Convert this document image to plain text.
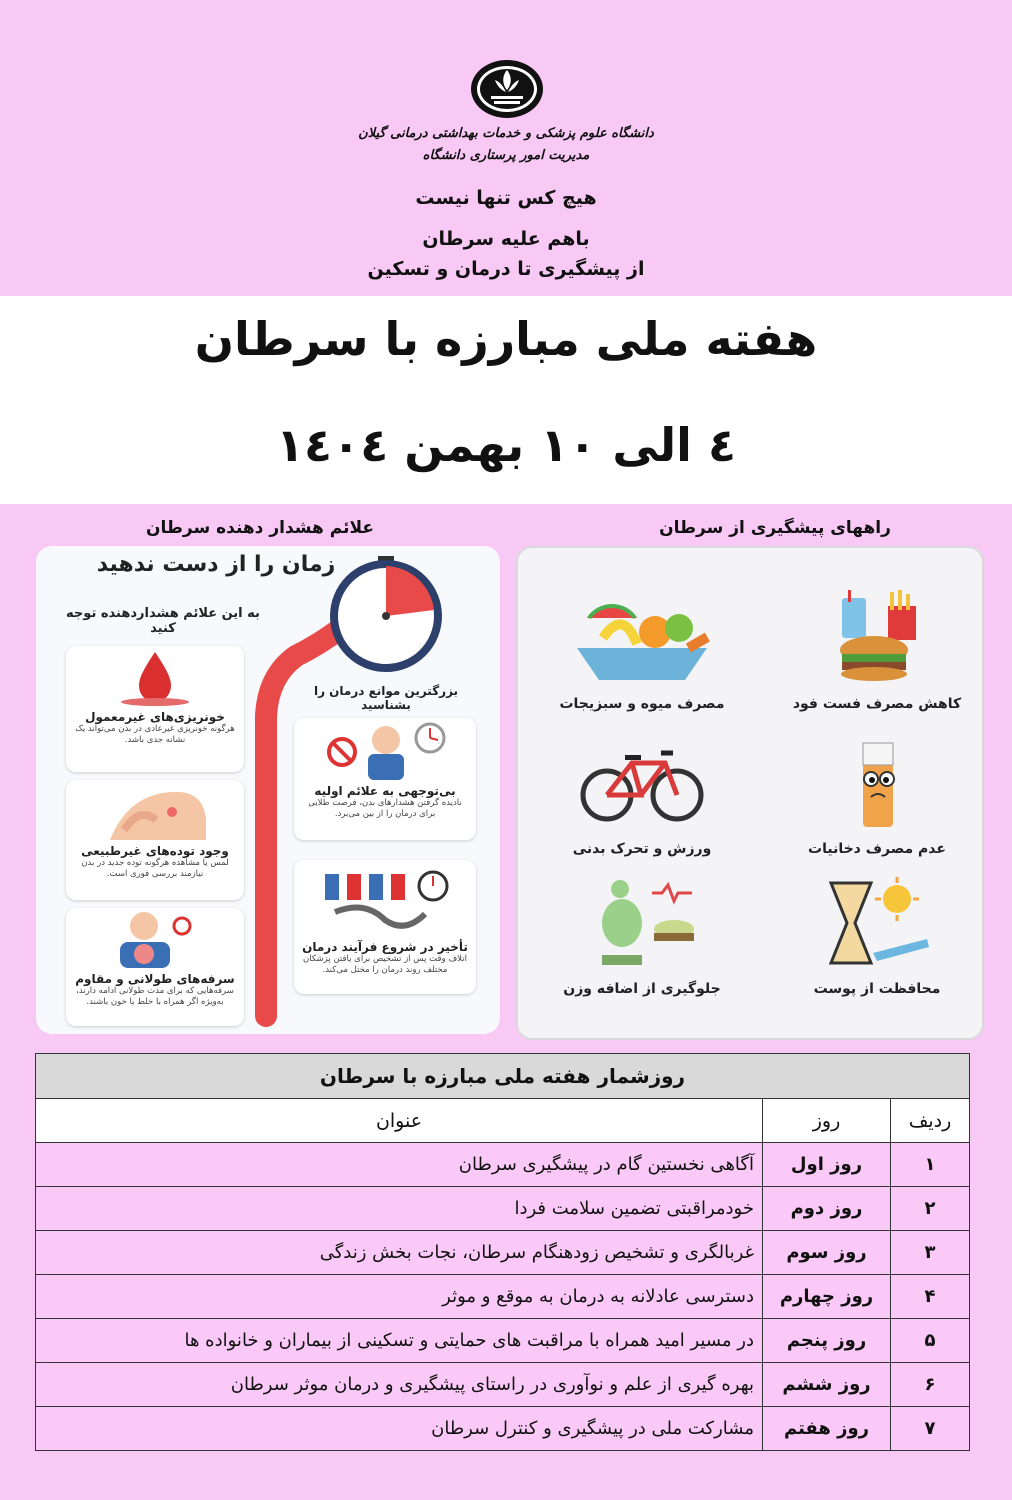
دانشگاه علوم پزشکی و خدمات بهداشتی درمانی گیلان
مدیریت امور پرستاری دانشگاه
هیچ کس تنها نیست
باهم علیه سرطان
از پیشگیری تا درمان و تسکین
هفته ملی مبارزه با سرطان
٤ الی ١٠ بهمن ١٤٠٤
راههای پیشگیری از سرطان
علائم هشدار دهنده سرطان
کاهش مصرف فست فود
مصرف میوه و سبزیجات
عدم مصرف دخانیات
ورزش و تحرک بدنی
محافظت از پوست
جلوگیری از اضافه وزن
زمان را از دست ندهید
به این علائم هشداردهنده توجه کنید
بزرگترین موانع درمان را بشناسید
خونریزی‌های غیرمعمول
هرگونه خونریزی غیرعادی در بدن می‌تواند یک نشانه جدی باشد.
وجود توده‌های غیرطبیعی
لمس یا مشاهده هرگونه توده جدید در بدن نیازمند بررسی فوری است.
سرفه‌های طولانی و مقاوم
سرفه‌هایی که برای مدت طولانی ادامه دارند، به‌ویژه اگر همراه با خلط یا خون باشند.
بی‌توجهی به علائم اولیه
نادیده گرفتن هشدارهای بدن، فرصت طلایی برای درمان را از بین می‌برد.
تأخیر در شروع فرآیند درمان
اتلاف وقت پس از تشخیص برای یافتن پزشکان مختلف روند درمان را مختل می‌کند.
روزشمار هفته ملی مبارزه با سرطان		
ردیف	روز	عنوان
۱	روز اول	آگاهی نخستین گام در پیشگیری سرطان
۲	روز دوم	خودمراقبتی تضمین سلامت فردا
۳	روز سوم	غربالگری و تشخیص زودهنگام سرطان، نجات بخش زندگی
۴	روز چهارم	دسترسی عادلانه به درمان به موقع و موثر
۵	روز پنجم	در مسیر امید همراه با مراقبت های حمایتی و تسکینی از بیماران و خانواده ها
۶	روز ششم	بهره گیری از علم و نوآوری در راستای پیشگیری و درمان موثر سرطان
۷	روز هفتم	مشارکت ملی در پیشگیری و کنترل سرطان
